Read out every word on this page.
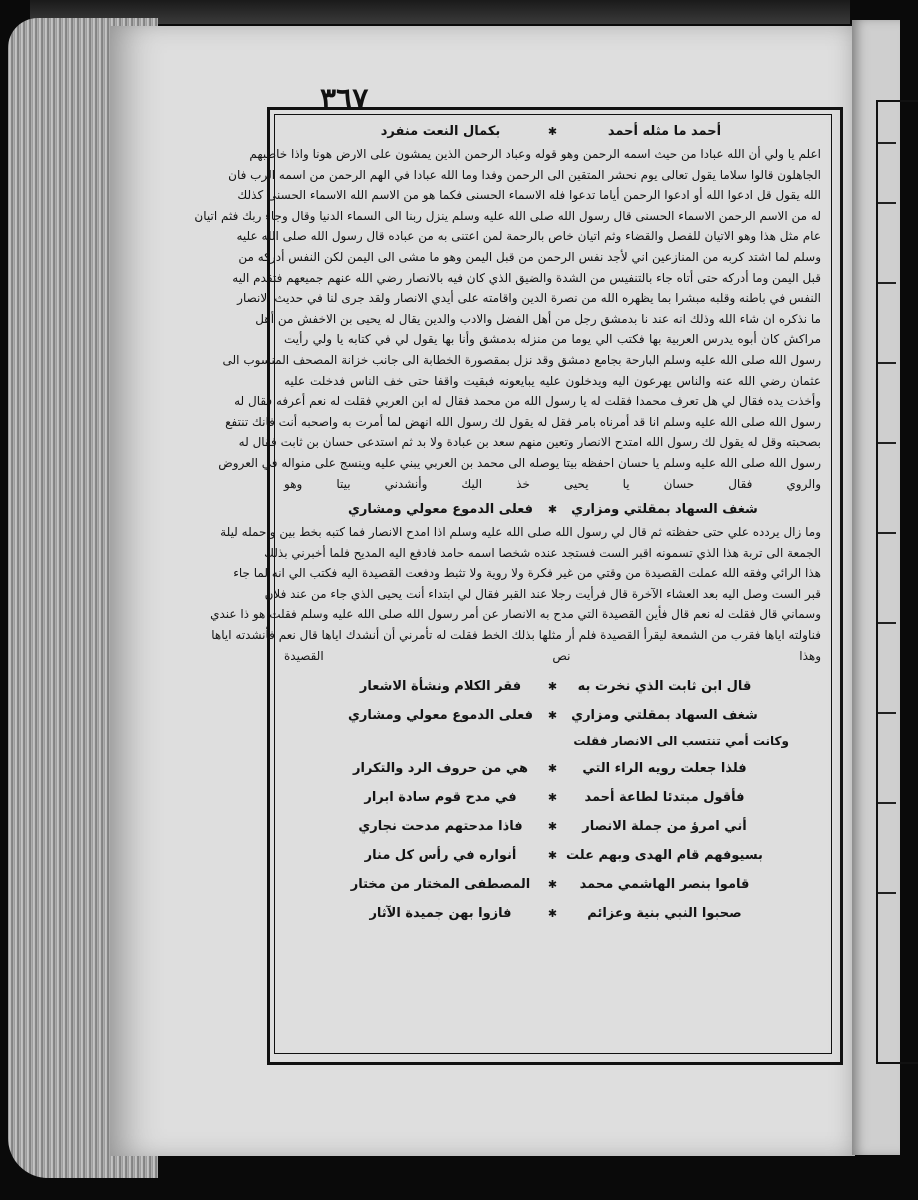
٣٦٧
أحمد ما مثله أحمد
✱
بكمال النعت منفرد
اعلم يا ولي أن الله عبادا من حيث اسمه الرحمن وهو قوله وعباد الرحمن الذين يمشون على الارض هونا واذا خاطبهم
الجاهلون قالوا سلاما يقول تعالى يوم نحشر المتقين الى الرحمن وفدا وما الله عبادا في الهم الرحمن من اسمه الرب فان
الله يقول قل ادعوا الله أو ادعوا الرحمن أياما تدعوا فله الاسماء الحسنى فكما هو من الاسم الله الاسماء الحسنى كذلك
له من الاسم الرحمن الاسماء الحسنى قال رسول الله صلى الله عليه وسلم ينزل ربنا الى السماء الدنيا وقال وجاء ربك فثم اتيان
عام مثل هذا وهو الاتيان للفصل والقضاء وثم اتيان خاص بالرحمة لمن اعتنى به من عباده قال رسول الله صلى الله عليه
وسلم لما اشتد كربه من المنازعين اني لأجد نفس الرحمن من قبل اليمن وهو ما مشى الى اليمن لكن النفس أدركه من
قبل اليمن وما أدركه حتى أتاه جاء بالتنفيس من الشدة والضيق الذي كان فيه بالانصار رضي الله عنهم جميعهم فتقدم اليه
النفس في باطنه وقلبه مبشرا بما يظهره الله من نصرة الدين واقامته على أيدي الانصار ولقد جرى لنا في حديث الانصار
ما نذكره ان شاء الله وذلك انه عند نا بدمشق رجل من أهل الفضل والادب والدين يقال له يحيى بن الاخفش من أهل
مراكش كان أبوه يدرس العربية بها فكتب الي يوما من منزله بدمشق وأنا بها يقول لي في كتابه يا ولي رأيت
رسول الله صلى الله عليه وسلم البارحة بجامع دمشق وقد نزل بمقصورة الخطابة الى جانب خزانة المصحف المنسوب الى
عثمان رضي الله عنه والناس يهرعون اليه ويدخلون عليه يبايعونه فبقيت واقفا حتى خف الناس فدخلت عليه
وأخذت يده فقال لي هل تعرف محمدا فقلت له يا رسول الله من محمد فقال له ابن العربي فقلت له نعم أعرفه فقال له
رسول الله صلى الله عليه وسلم انا قد أمرناه بامر فقل له يقول لك رسول الله انهض لما أمرت به واصحبه أنت فانك تنتفع
بصحبته وقل له يقول لك رسول الله امتدح الانصار وتعين منهم سعد بن عبادة ولا بد ثم استدعى حسان بن ثابت فقال له
رسول الله صلى الله عليه وسلم يا حسان احفظه بيتا يوصله الى محمد بن العربي يبني عليه وينسج على منواله في العروض
والروي فقال حسان يا يحيى خذ اليك وأنشدني بيتا وهو
شغف السهاد بمقلتي ومزاري
✱
فعلى الدموع معولي ومشاري
وما زال يردده علي حتى حفظته ثم قال لي رسول الله صلى الله عليه وسلم اذا امدح الانصار فما كتبه بخط بين واحمله ليلة
الجمعة الى تربة هذا الذي تسمونه اقبر الست فستجد عنده شخصا اسمه حامد فادفع اليه المديح فلما أخبرني بذلك
هذا الرائي وفقه الله عملت القصيدة من وقتي من غير فكرة ولا روية ولا تثبط ودفعت القصيدة اليه فكتب الي انه لما جاء
قبر الست وصل اليه بعد العشاء الآخرة قال فرأيت رجلا عند القبر فقال لي ابتداء أنت يحيى الذي جاء من عند فلان
وسماني قال فقلت له نعم قال فأين القصيدة التي مدح به الانصار عن أمر رسول الله صلى الله عليه وسلم فقلت هو ذا عندي
فناولته اياها فقرب من الشمعة ليقرأ القصيدة فلم أر مثلها بذلك الخط فقلت له تأمرني أن أنشدك اياها قال نعم فأنشدته اياها
وهذا نص القصيدة
قال ابن ثابت الذي نخرت به
✱
فقر الكلام ونشأة الاشعار
شغف السهاد بمقلتي ومزاري
✱
فعلى الدموع معولي ومشاري
وكانت أمي تنتسب الى الانصار فقلت
فلذا جعلت رويه الراء التي
✱
هي من حروف الرد والتكرار
فأقول مبتدئا لطاعة أحمد
✱
في مدح قوم سادة ابرار
أني امرؤ من جملة الانصار
✱
فاذا مدحتهم مدحت نجاري
بسيوفهم قام الهدى وبهم علت
✱
أنواره في رأس كل منار
قاموا بنصر الهاشمي محمد
✱
المصطفى المختار من مختار
صحبوا النبي بنية وعزائم
✱
فازوا بهن جميدة الآثار
